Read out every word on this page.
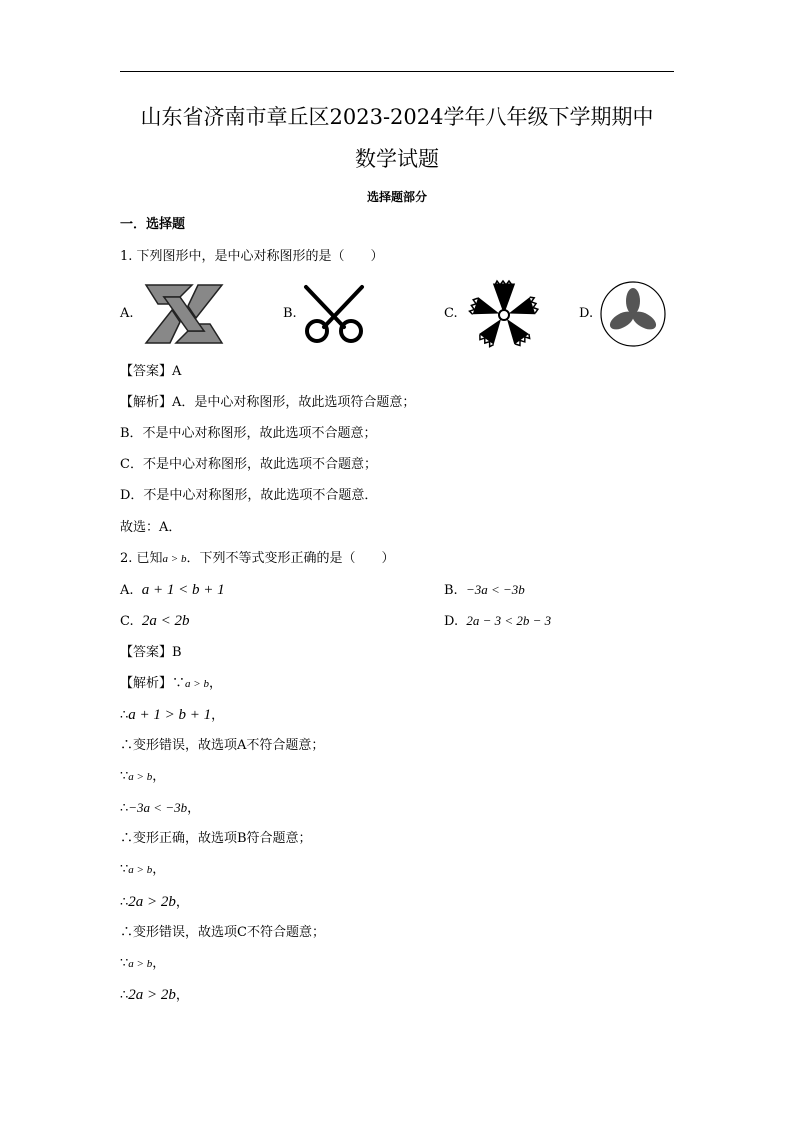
山东省济南市章丘区2023-2024学年八年级下学期期中
数学试题
选择题部分
一．选择题
1. 下列图形中，是中心对称图形的是（　　）
A.	B.	C.	D.
【答案】A
【解析】A．是中心对称图形，故此选项符合题意；
B．不是中心对称图形，故此选项不合题意；
C．不是中心对称图形，故此选项不合题意；
D．不是中心对称图形，故此选项不合题意．
故选：A．
2. 已知a > b．下列不等式变形正确的是（　　）
A. a + 1 < b + 1	B. −3a < −3b
C. 2a < 2b	D. 2a − 3 < 2b − 3
【答案】B
【解析】∵a > b，
∴a + 1 > b + 1，
∴变形错误，故选项A不符合题意；
∵a > b，
∴−3a < −3b，
∴变形正确，故选项B符合题意；
∵a > b，
∴2a > 2b，
∴变形错误，故选项C不符合题意；
∵a > b，
∴2a > 2b，
